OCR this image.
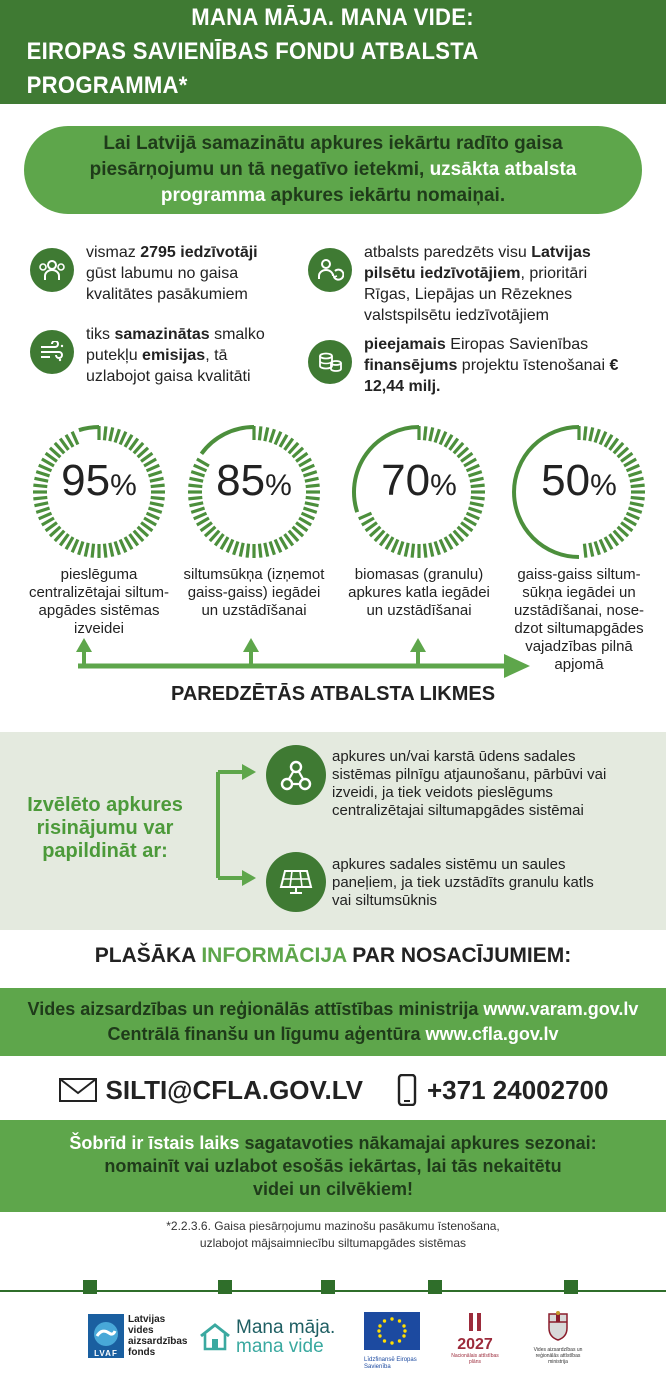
MANA MĀJA. MANA VIDE:
EIROPAS SAVIENĪBAS FONDU ATBALSTA PROGRAMMA*

Lai Latvijā samazinātu apkures iekārtu radīto gaisa piesārņojumu un tā negatīvo ietekmi, uzsākta atbalsta programma apkures iekārtu nomaiņai.

vismaz 2795 iedzīvotāji gūst labumu no gaisa kvalitātes pasākumiem
atbalsts paredzēts visu Latvijas pilsētu iedzīvotājiem, prioritāri Rīgas, Liepājas un Rēzeknes valstspilsētu iedzīvotājiem
tiks samazinātas smalko putekļu emisijas, tā uzlabojot gaisa kvalitāti
pieejamais Eiropas Savienības finansējums projektu īstenošanai € 12,44 milj.
95%	85%	70%	50%
pieslēguma centralizētajai siltum-apgādes sistēmas izveidei
siltumsūkņa (izņemot gaiss-gaiss) iegādei un uzstādīšanai
biomasas (granulu) apkures katla iegādei un uzstādīšanai
gaiss-gaiss siltum-sūkņa iegādei un uzstādīšanai, nose-dzot siltumapgādes vajadzības pilnā apjomā
PAREDZĒTĀS ATBALSTA LIKMES
Izvēlēto apkures risinājumu var papildināt ar:
apkures un/vai karstā ūdens sadales sistēmas pilnīgu atjaunošanu, pārbūvi vai izveidi, ja tiek veidots pieslēgums centralizētajai siltumapgādes sistēmai
apkures sadales sistēmu un saules paneļiem, ja tiek uzstādīts granulu katls vai siltumsūknis
PLAŠĀKA INFORMĀCIJA PAR NOSACĪJUMIEM:
Vides aizsardzības un reģionālās attīstības ministrija www.varam.gov.lv
Centrālā finanšu un līgumu aģentūra www.cfla.gov.lv
SILTI@CFLA.GOV.LV +371 24002700

Šobrīd ir īstais laiks sagatavoties nākamajai apkures sezonai:

nomainīt vai uzlabot esošās iekārtas, lai tās nekaitētu

videi un cilvēkiem!

*2.2.3.6. Gaisa piesārņojumu mazinošu pasākumu īstenošana,
uzlabojot mājsaimniecību siltumapgādes sistēmas
LVAF
Latvijas vides aizsardzības fonds
Mana māja.
mana vide
Līdzfinansē Eiropas Savienība
2027
Nacionālais attīstības plāns
Vides aizsardzības un reģionālās attīstības ministrija
